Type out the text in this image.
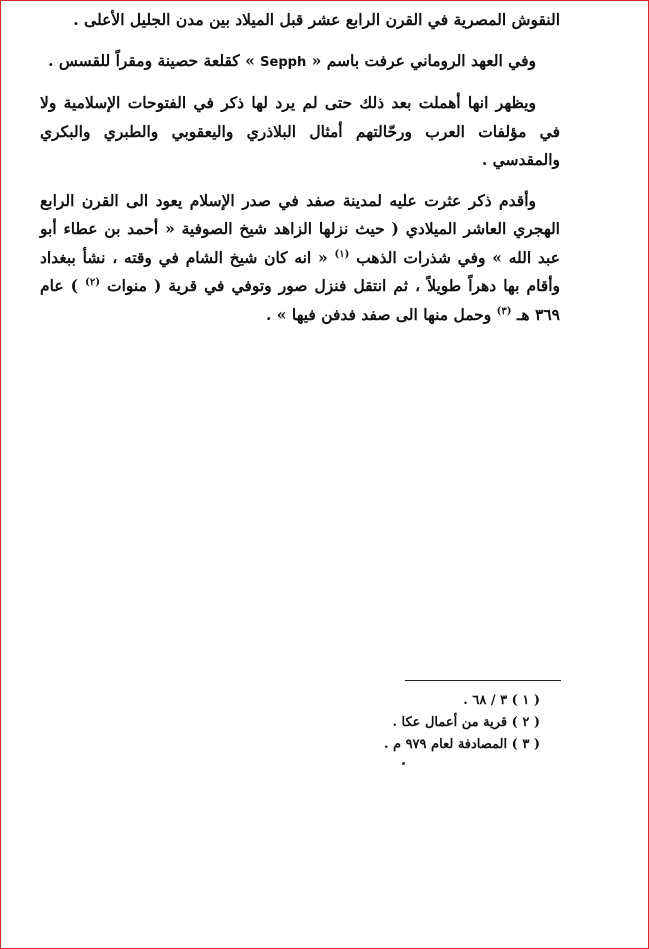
النقوش المصرية في القرن الرابع عشر قبل الميلاد بين مدن الجليل الأعلى .

وفي العهد الروماني عرفت باسم « Sepph » كقلعة حصينة ومقراً للقسس .

ويظهر انها أهملت بعد ذلك حتى لم يرد لها ذكر في الفتوحات الإسلامية ولا في مؤلفات العرب ورحّالتهم أمثال البلاذري واليعقوبي والطبري والبكري والمقدسي .

وأقدم ذكر عثرت عليه لمدينة صفد في صدر الإسلام يعود الى القرن الرابع الهجري العاشر الميلادي ( حيث نزلها الزاهد شيخ الصوفية « أحمد بن عطاء أبو عبد الله » وفي شذرات الذهب $^{(١)}$ « انه كان شيخ الشام في وقته ، نشأ ببغداد وأقام بها دهراً طويلاً ، ثم انتقل فنزل صور وتوفي في قرية ( منوات $^{(٢)}$ ) عام ٣٦٩ هـ $^{(٣)}$ وحمل منها الى صفد فدفن فيها » .

( ١ ) ٣ / ٦٨ .

( ٢ ) قرية من أعمال عكا .

( ٣ ) المصادفة لعام ٩٧٩ م .
